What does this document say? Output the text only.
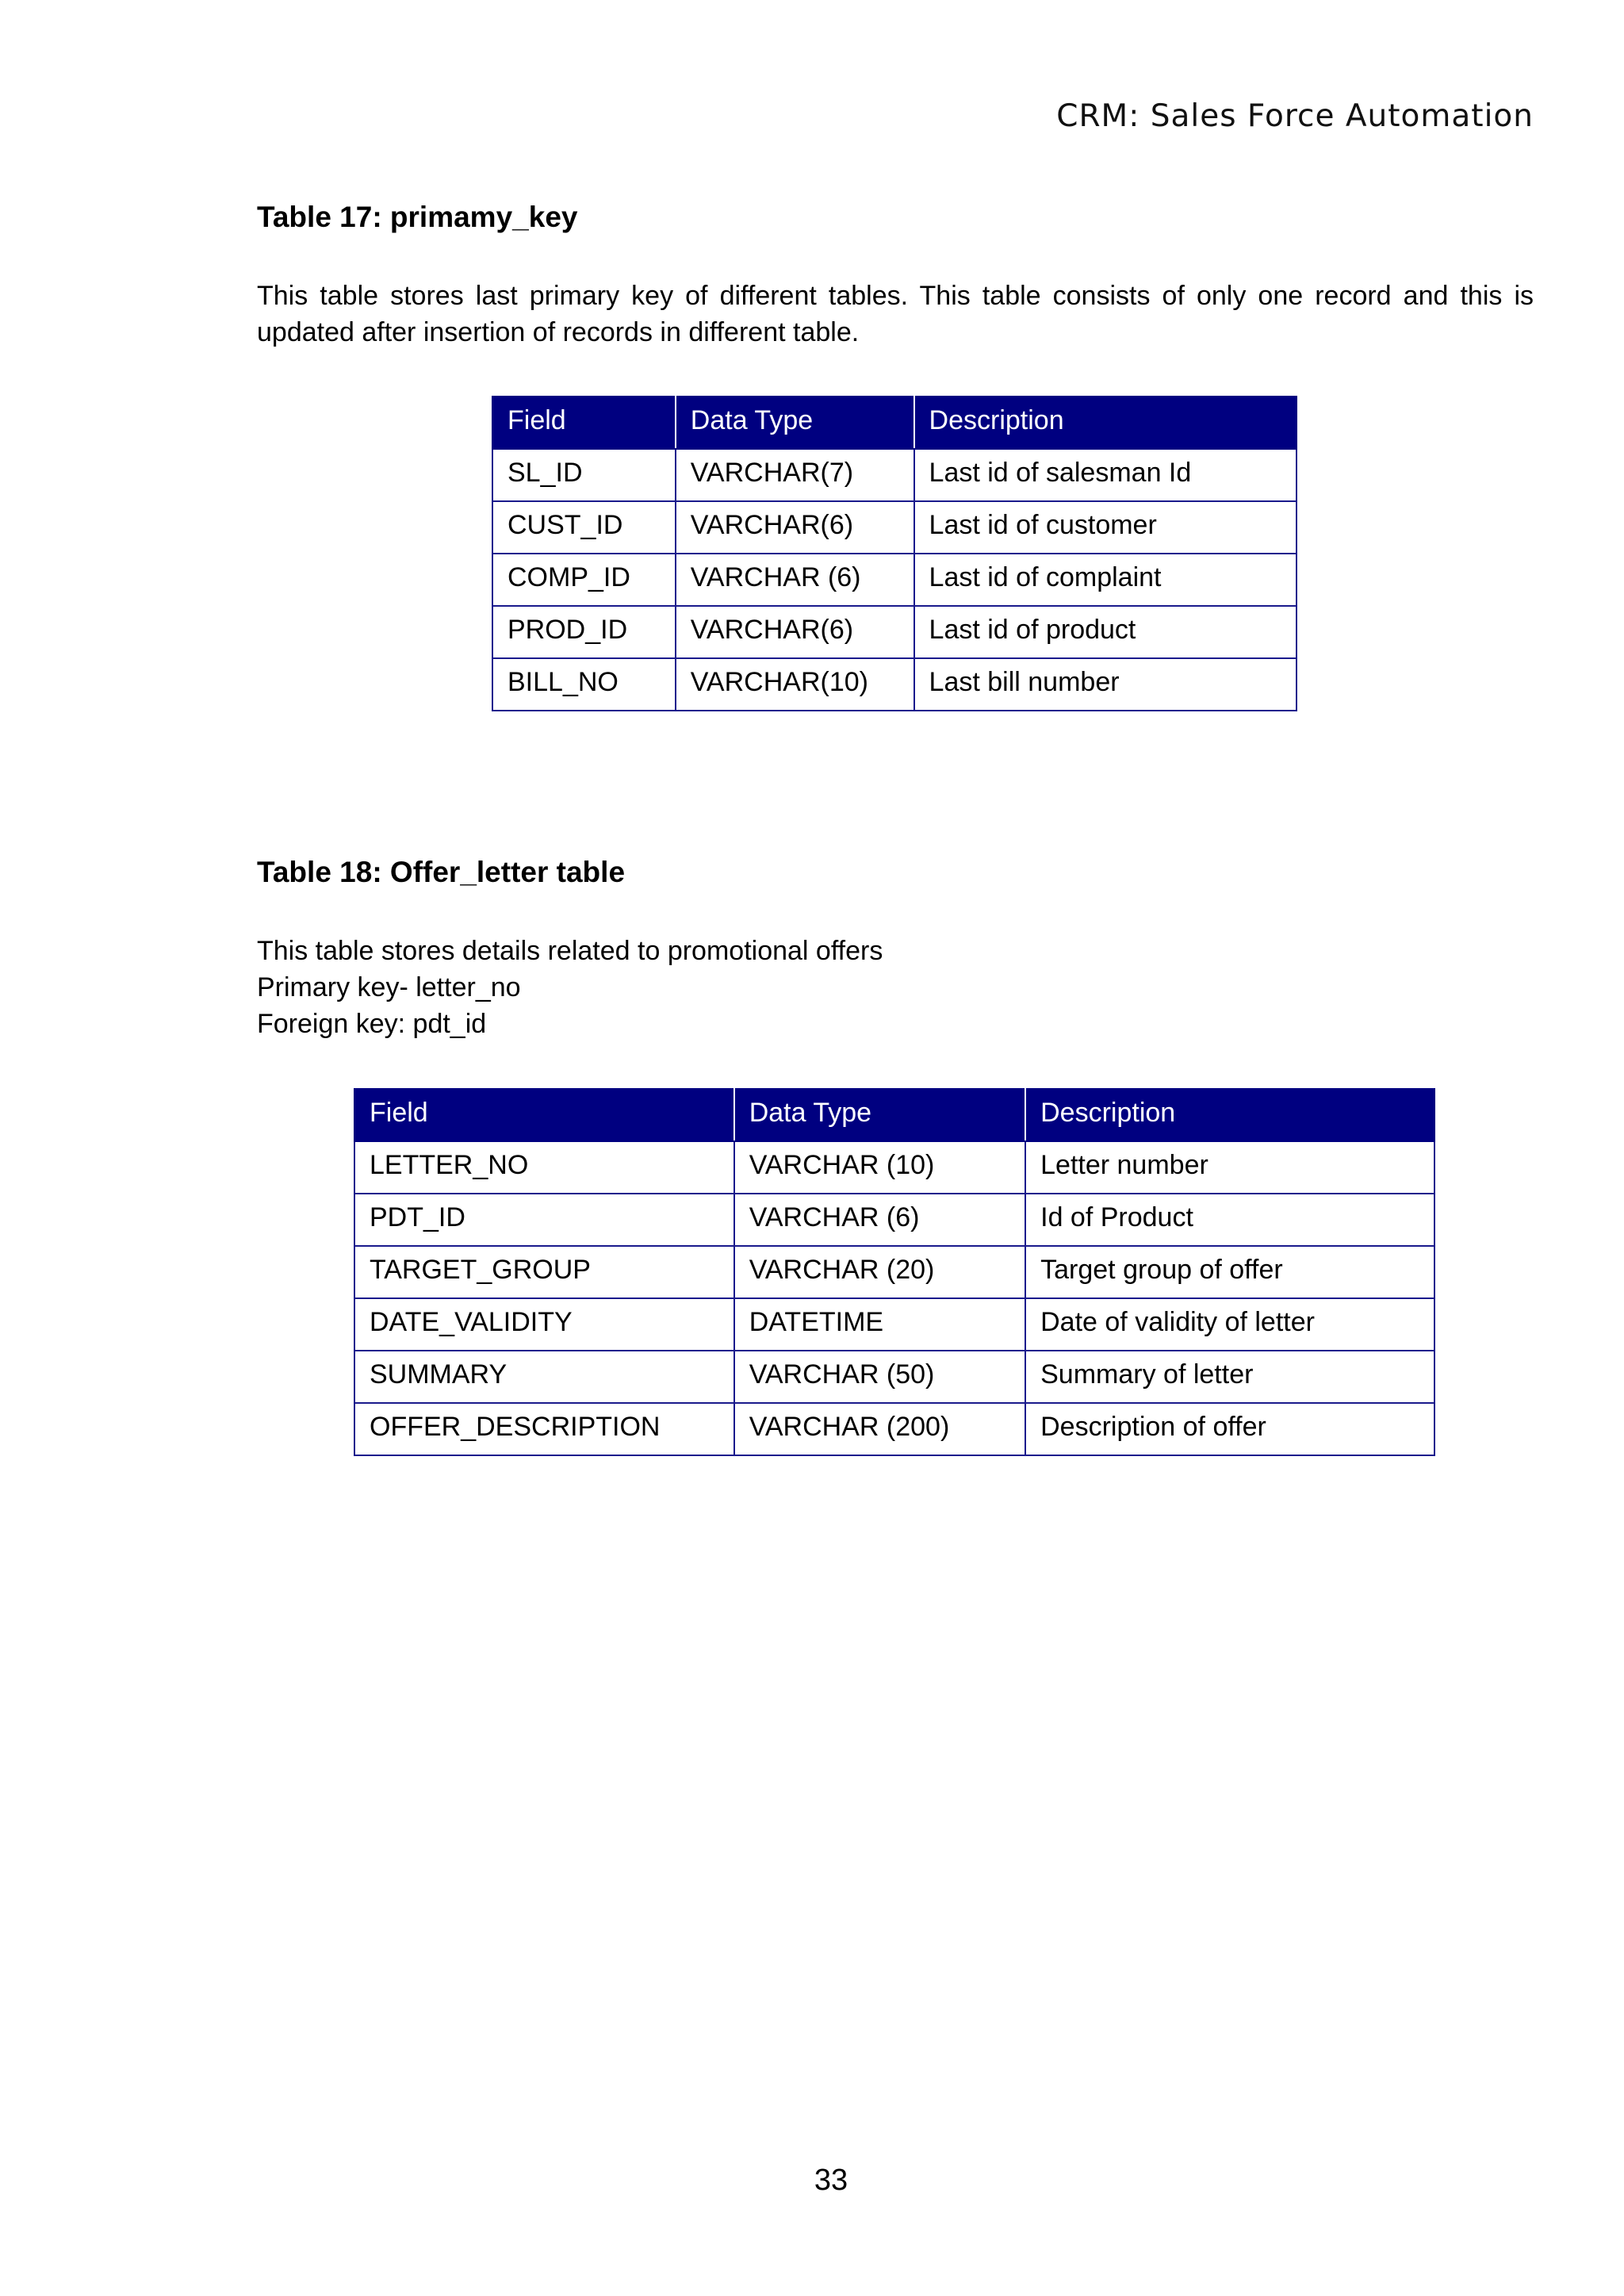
CRM: Sales Force Automation
Table 17: primamy_key

This table stores last primary key of different tables. This table consists of only one record and this is
updated after insertion of records in different table.

Field	Data Type	Description
SL_ID	VARCHAR(7)	Last id of salesman Id
CUST_ID	VARCHAR(6)	Last id of customer
COMP_ID	VARCHAR (6)	Last id of complaint
PROD_ID	VARCHAR(6)	Last id of product
BILL_NO	VARCHAR(10)	Last bill number
Table 18: Offer_letter table

This table stores details related to promotional offers
Primary key- letter_no
Foreign key: pdt_id

Field	Data Type	Description
LETTER_NO	VARCHAR (10)	Letter number
PDT_ID	VARCHAR (6)	Id of Product
TARGET_GROUP	VARCHAR (20)	Target group of offer
DATE_VALIDITY	DATETIME	Date of validity of letter
SUMMARY	VARCHAR (50)	Summary of letter
OFFER_DESCRIPTION	VARCHAR (200)	Description of offer
33
